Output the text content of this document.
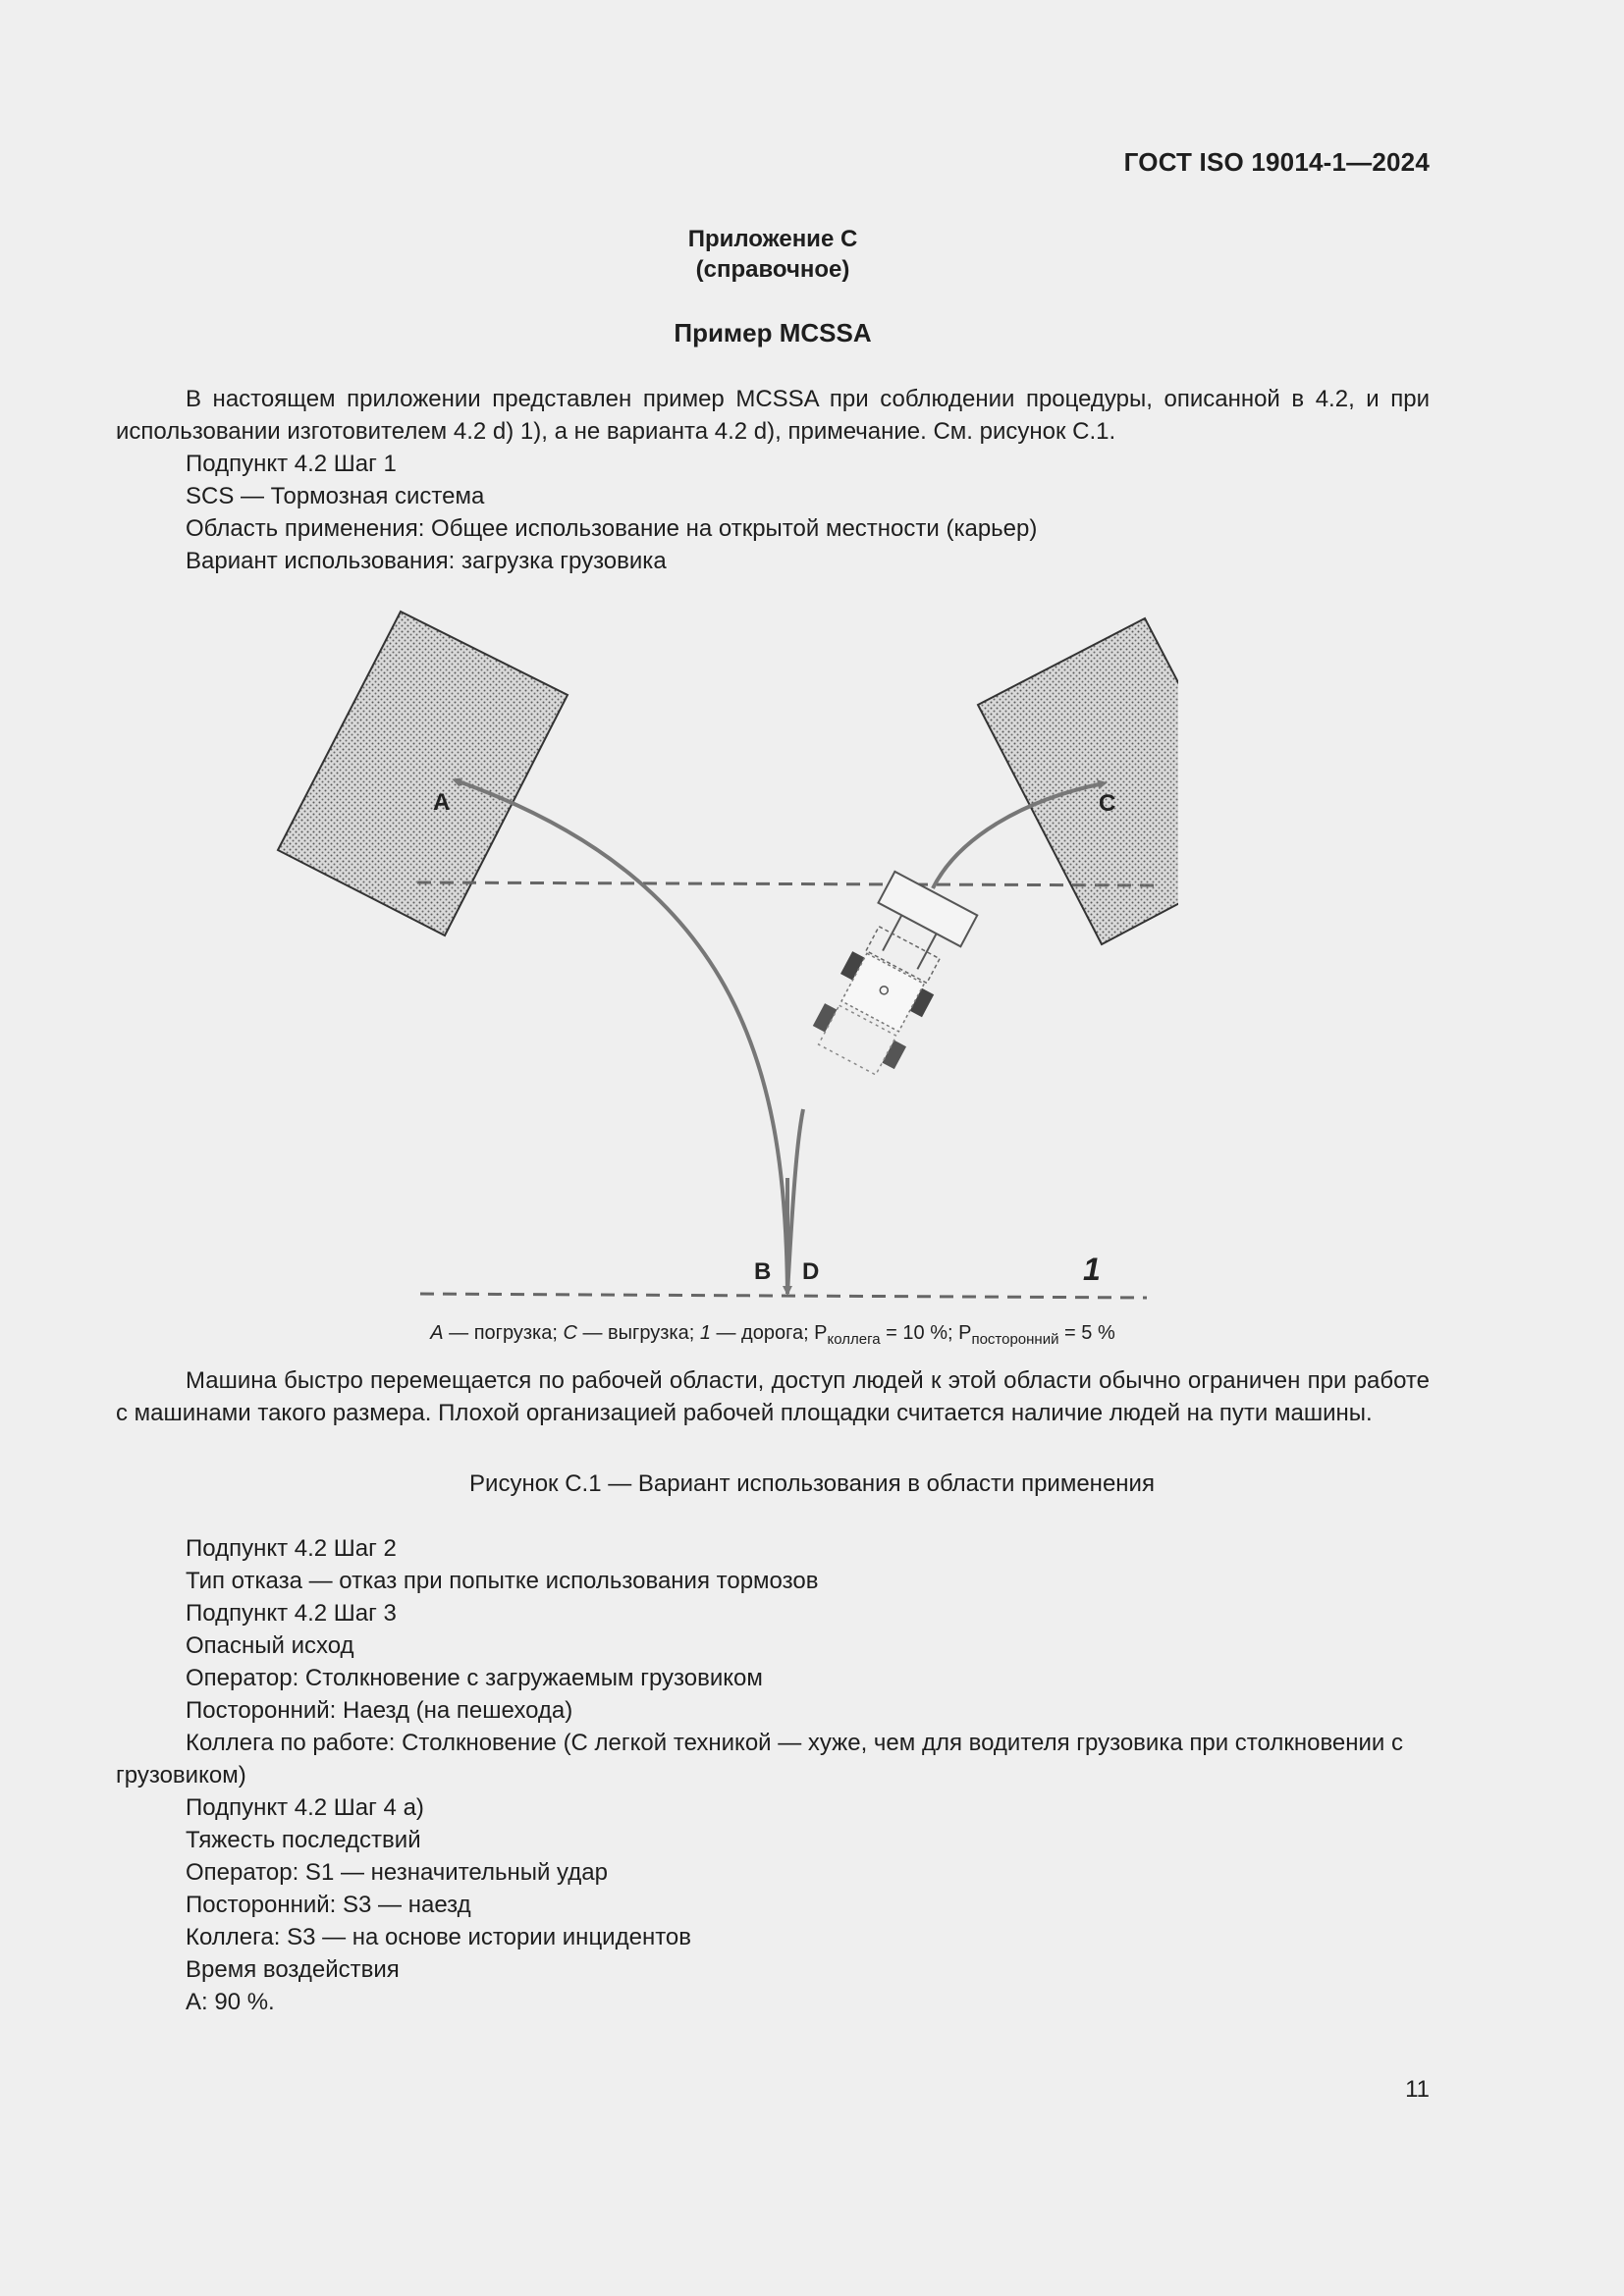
ГОСТ ISO 19014-1—2024
Приложение С
(справочное)
Пример MCSSA

В настоящем приложении представлен пример MCSSA при соблюдении процедуры, описанной в 4.2, и при использовании изготовителем 4.2 d) 1), а не варианта 4.2 d), примечание. См. рисунок С.1.

Подпункт 4.2 Шаг 1

SCS — Тормозная система

Область применения: Общее использование на открытой местности (карьер)

Вариант использования: загрузка грузовика

A	C
B D	1
A — погрузка; C — выгрузка; 1 — дорога; $P_{коллега} = 10$ %; $P_{посторонний} = 5$ %

Машина быстро перемещается по рабочей области, доступ людей к этой области обычно ограничен при работе с машинами такого размера. Плохой организацией рабочей площадки считается наличие людей на пути машины.

Рисунок С.1 — Вариант использования в области применения

Подпункт 4.2 Шаг 2

Тип отказа — отказ при попытке использования тормозов

Подпункт 4.2 Шаг 3

Опасный исход

Оператор: Столкновение с загружаемым грузовиком

Посторонний: Наезд (на пешехода)

Коллега по работе: Столкновение (С легкой техникой — хуже, чем для водителя грузовика при столкновении с грузовиком)

Подпункт 4.2 Шаг 4 а)

Тяжесть последствий

Оператор: S1 — незначительный удар

Посторонний: S3 — наезд

Коллега: S3 — на основе истории инцидентов

Время воздействия

А: 90 %.

11
